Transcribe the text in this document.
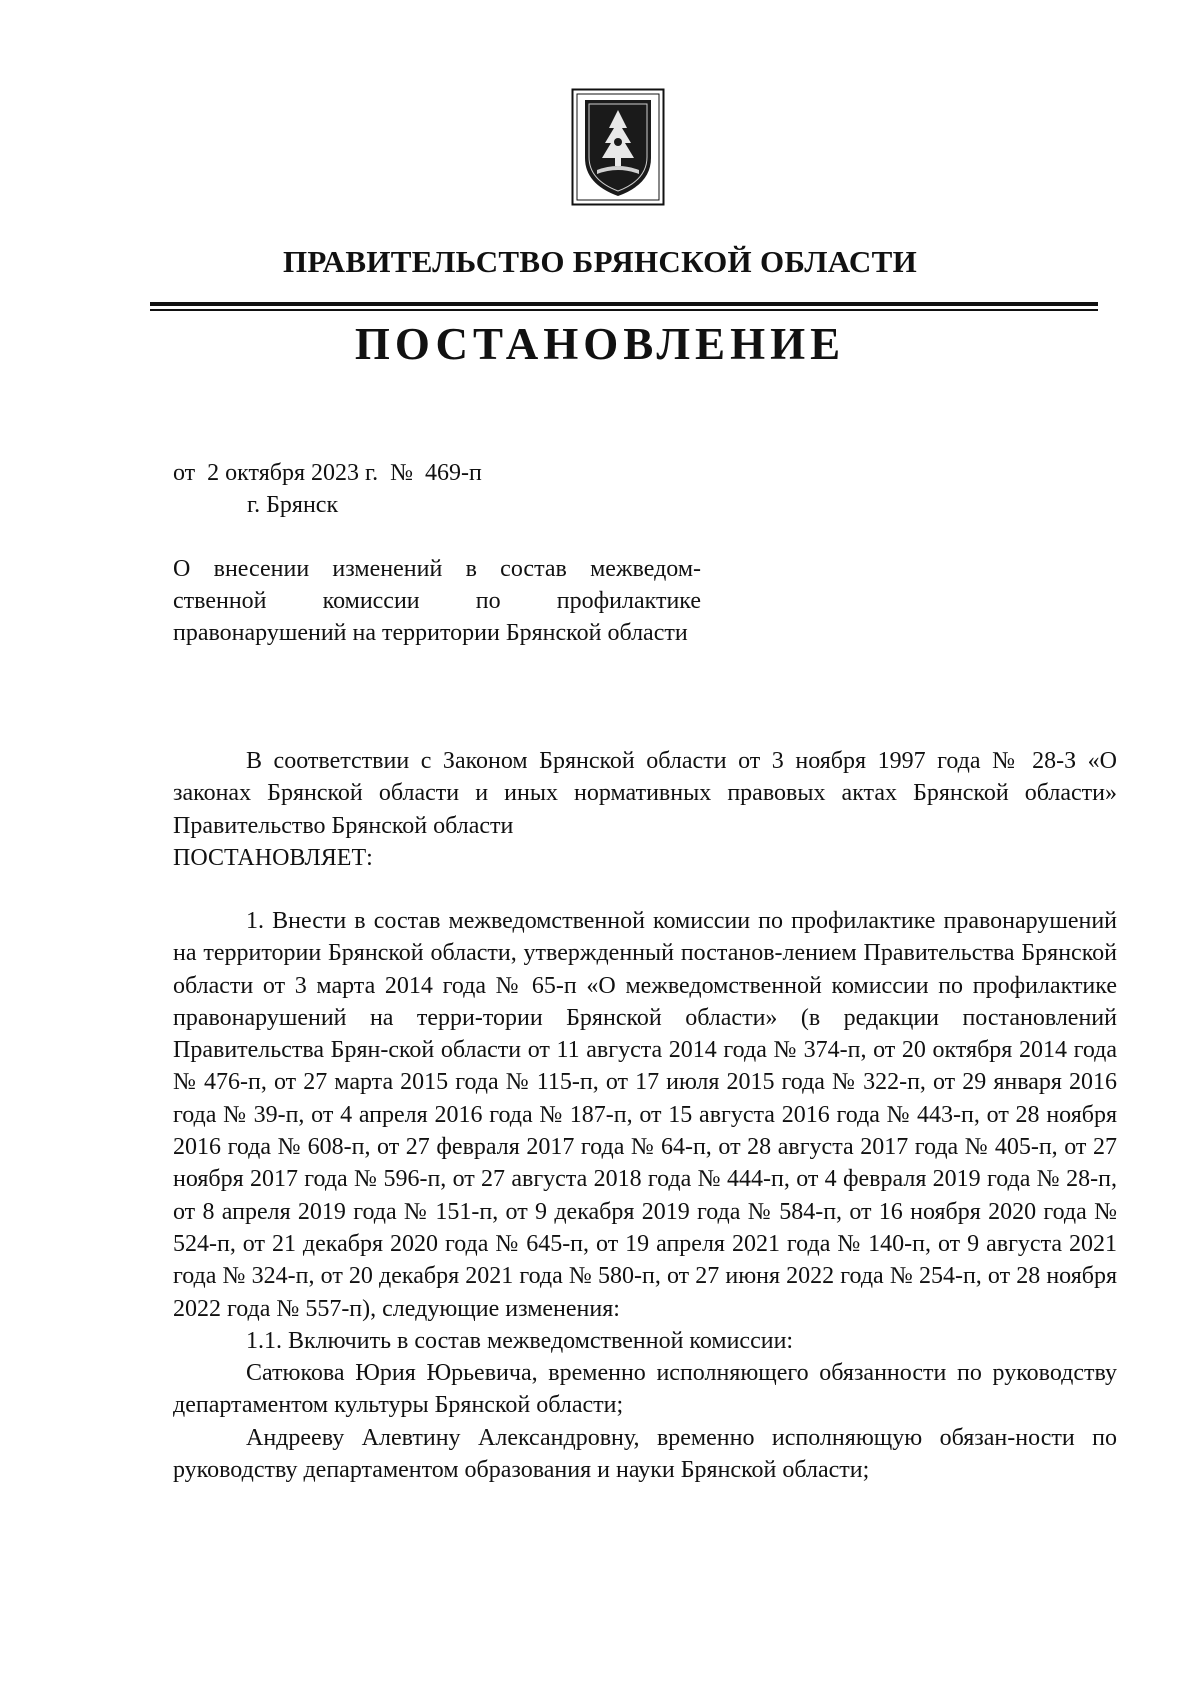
ПРАВИТЕЛЬСТВО БРЯНСКОЙ ОБЛАСТИ
ПОСТАНОВЛЕНИЕ
от  2 октября 2023 г.  №  469-п
г. Брянск
О внесении изменений в состав межведом-ственной комиссии по профилактике правонарушений на территории Брянской области

В соответствии с Законом Брянской области от 3 ноября 1997 года № 28-З «О законах Брянской области и иных нормативных правовых актах Брянской области» Правительство Брянской области

ПОСТАНОВЛЯЕТ:

1. Внести в состав межведомственной комиссии по профилактике правонарушений на территории Брянской области, утвержденный постанов-лением Правительства Брянской области от 3 марта 2014 года № 65-п «О межведомственной комиссии по профилактике правонарушений на терри-тории Брянской области» (в редакции постановлений Правительства Брян-ской области от 11 августа 2014 года № 374-п, от 20 октября 2014 года № 476-п, от 27 марта 2015 года № 115-п, от 17 июля 2015 года № 322-п, от 29 января 2016 года № 39-п, от 4 апреля 2016 года № 187-п, от 15 августа 2016 года № 443-п, от 28 ноября 2016 года № 608-п, от 27 февраля 2017 года № 64-п, от 28 августа 2017 года № 405-п, от 27 ноября 2017 года № 596-п, от 27 августа 2018 года № 444-п, от 4 февраля 2019 года № 28-п, от 8 апреля 2019 года № 151-п, от 9 декабря 2019 года № 584-п, от 16 ноября 2020 года № 524-п, от 21 декабря 2020 года № 645-п, от 19 апреля 2021 года № 140-п, от 9 августа 2021 года № 324-п, от 20 декабря 2021 года № 580-п, от 27 июня 2022 года № 254-п, от 28 ноября 2022 года № 557-п), следующие изменения:

1.1. Включить в состав межведомственной комиссии:

Сатюкова Юрия Юрьевича, временно исполняющего обязанности по руководству департаментом культуры Брянской области;

Андрееву Алевтину Александровну, временно исполняющую обязан-ности по руководству департаментом образования и науки Брянской области;
